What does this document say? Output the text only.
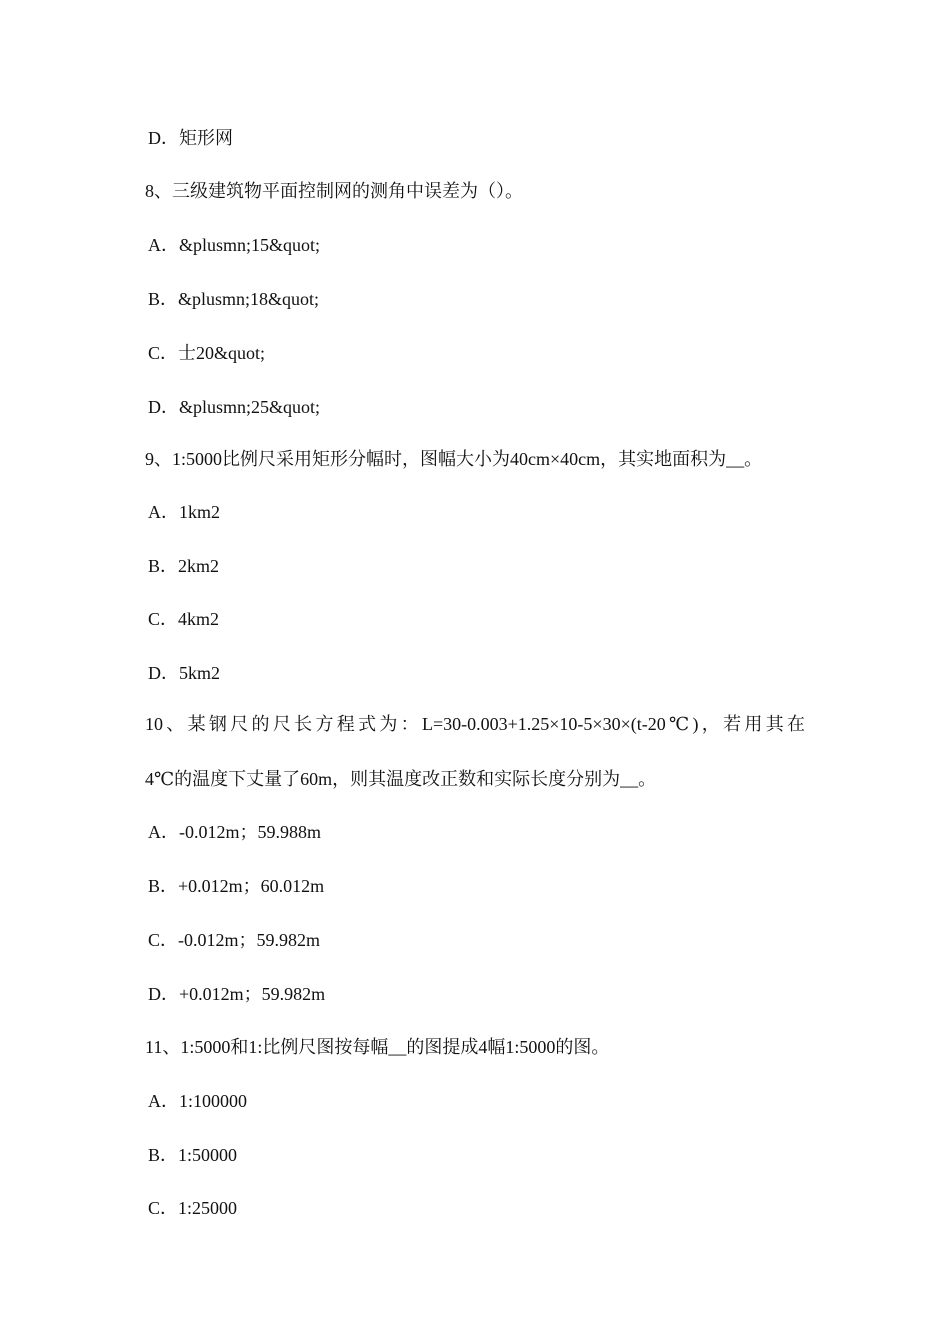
D．矩形网
8、三级建筑物平面控制网的测角中误差为（）。
A．&plusmn;15&quot;
B．&plusmn;18&quot;
C．士20&quot;
D．&plusmn;25&quot;
9、1:5000比例尺采用矩形分幅时，图幅大小为40cm×40cm，其实地面积为__。
A．1km2
B．2km2
C．4km2
D．5km2
10、某钢尺的尺长方程式为：L=30-0.003+1.25×10-5×30×(t-20℃)，若用其在
4℃的温度下丈量了60m，则其温度改正数和实际长度分别为__。
A．-0.012m；59.988m
B．+0.012m；60.012m
C．-0.012m；59.982m
D．+0.012m；59.982m
11、1:5000和1:比例尺图按每幅__的图提成4幅1:5000的图。
A．1:100000
B．1:50000
C．1:25000
